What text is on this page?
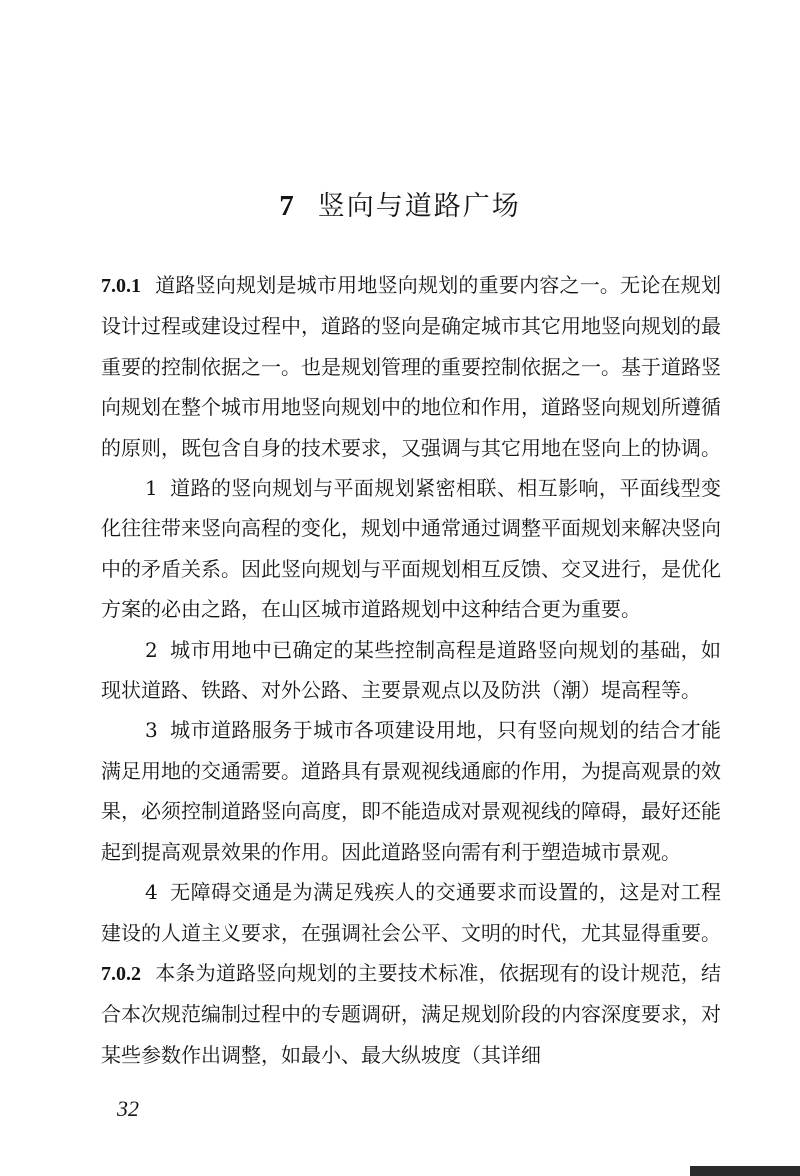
7 竖向与道路广场

7.0.1 道路竖向规划是城市用地竖向规划的重要内容之一。无论在规划设计过程或建设过程中，道路的竖向是确定城市其它用地竖向规划的最重要的控制依据之一。也是规划管理的重要控制依据之一。基于道路竖向规划在整个城市用地竖向规划中的地位和作用，道路竖向规划所遵循的原则，既包含自身的技术要求，又强调与其它用地在竖向上的协调。

1 道路的竖向规划与平面规划紧密相联、相互影响，平面线型变化往往带来竖向高程的变化，规划中通常通过调整平面规划来解决竖向中的矛盾关系。因此竖向规划与平面规划相互反馈、交叉进行，是优化方案的必由之路，在山区城市道路规划中这种结合更为重要。

2 城市用地中已确定的某些控制高程是道路竖向规划的基础，如现状道路、铁路、对外公路、主要景观点以及防洪（潮）堤高程等。

3 城市道路服务于城市各项建设用地，只有竖向规划的结合才能满足用地的交通需要。道路具有景观视线通廊的作用，为提高观景的效果，必须控制道路竖向高度，即不能造成对景观视线的障碍，最好还能起到提高观景效果的作用。因此道路竖向需有利于塑造城市景观。

4 无障碍交通是为满足残疾人的交通要求而设置的，这是对工程建设的人道主义要求，在强调社会公平、文明的时代，尤其显得重要。

7.0.2 本条为道路竖向规划的主要技术标准，依据现有的设计规范，结合本次规范编制过程中的专题调研，满足规划阶段的内容深度要求，对某些参数作出调整，如最小、最大纵坡度（其详细

32
